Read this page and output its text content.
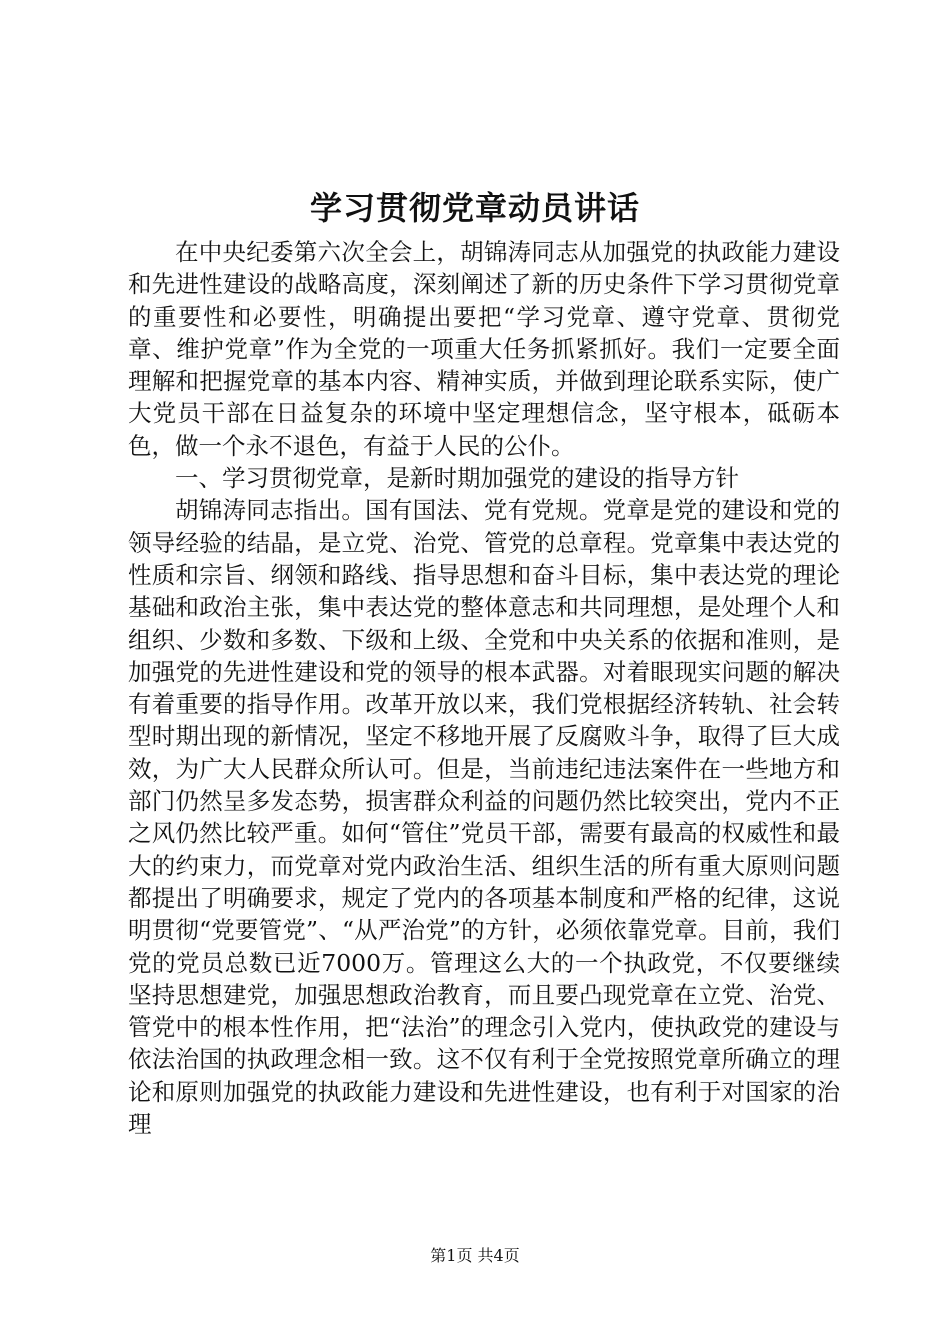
学习贯彻党章动员讲话

在中央纪委第六次全会上，胡锦涛同志从加强党的执政能力建设和先进性建设的战略高度，深刻阐述了新的历史条件下学习贯彻党章的重要性和必要性，明确提出要把“学习党章、遵守党章、贯彻党章、维护党章”作为全党的一项重大任务抓紧抓好。我们一定要全面理解和把握党章的基本内容、精神实质，并做到理论联系实际，使广大党员干部在日益复杂的环境中坚定理想信念，坚守根本，砥砺本色，做一个永不退色，有益于人民的公仆。

一、学习贯彻党章，是新时期加强党的建设的指导方针

胡锦涛同志指出。国有国法、党有党规。党章是党的建设和党的领导经验的结晶，是立党、治党、管党的总章程。党章集中表达党的性质和宗旨、纲领和路线、指导思想和奋斗目标，集中表达党的理论基础和政治主张，集中表达党的整体意志和共同理想，是处理个人和组织、少数和多数、下级和上级、全党和中央关系的依据和准则，是加强党的先进性建设和党的领导的根本武器。对着眼现实问题的解决有着重要的指导作用。改革开放以来，我们党根据经济转轨、社会转型时期出现的新情况，坚定不移地开展了反腐败斗争，取得了巨大成效，为广大人民群众所认可。但是，当前违纪违法案件在一些地方和部门仍然呈多发态势，损害群众利益的问题仍然比较突出，党内不正之风仍然比较严重。如何“管住”党员干部，需要有最高的权威性和最大的约束力，而党章对党内政治生活、组织生活的所有重大原则问题都提出了明确要求，规定了党内的各项基本制度和严格的纪律，这说明贯彻“党要管党”、“从严治党”的方针，必须依靠党章。目前，我们党的党员总数已近7000万。管理这么大的一个执政党，不仅要继续坚持思想建党，加强思想政治教育，而且要凸现党章在立党、治党、管党中的根本性作用，把“法治”的理念引入党内，使执政党的建设与依法治国的执政理念相一致。这不仅有利于全党按照党章所确立的理论和原则加强党的执政能力建设和先进性建设，也有利于对国家的治理

第1页 共4页
